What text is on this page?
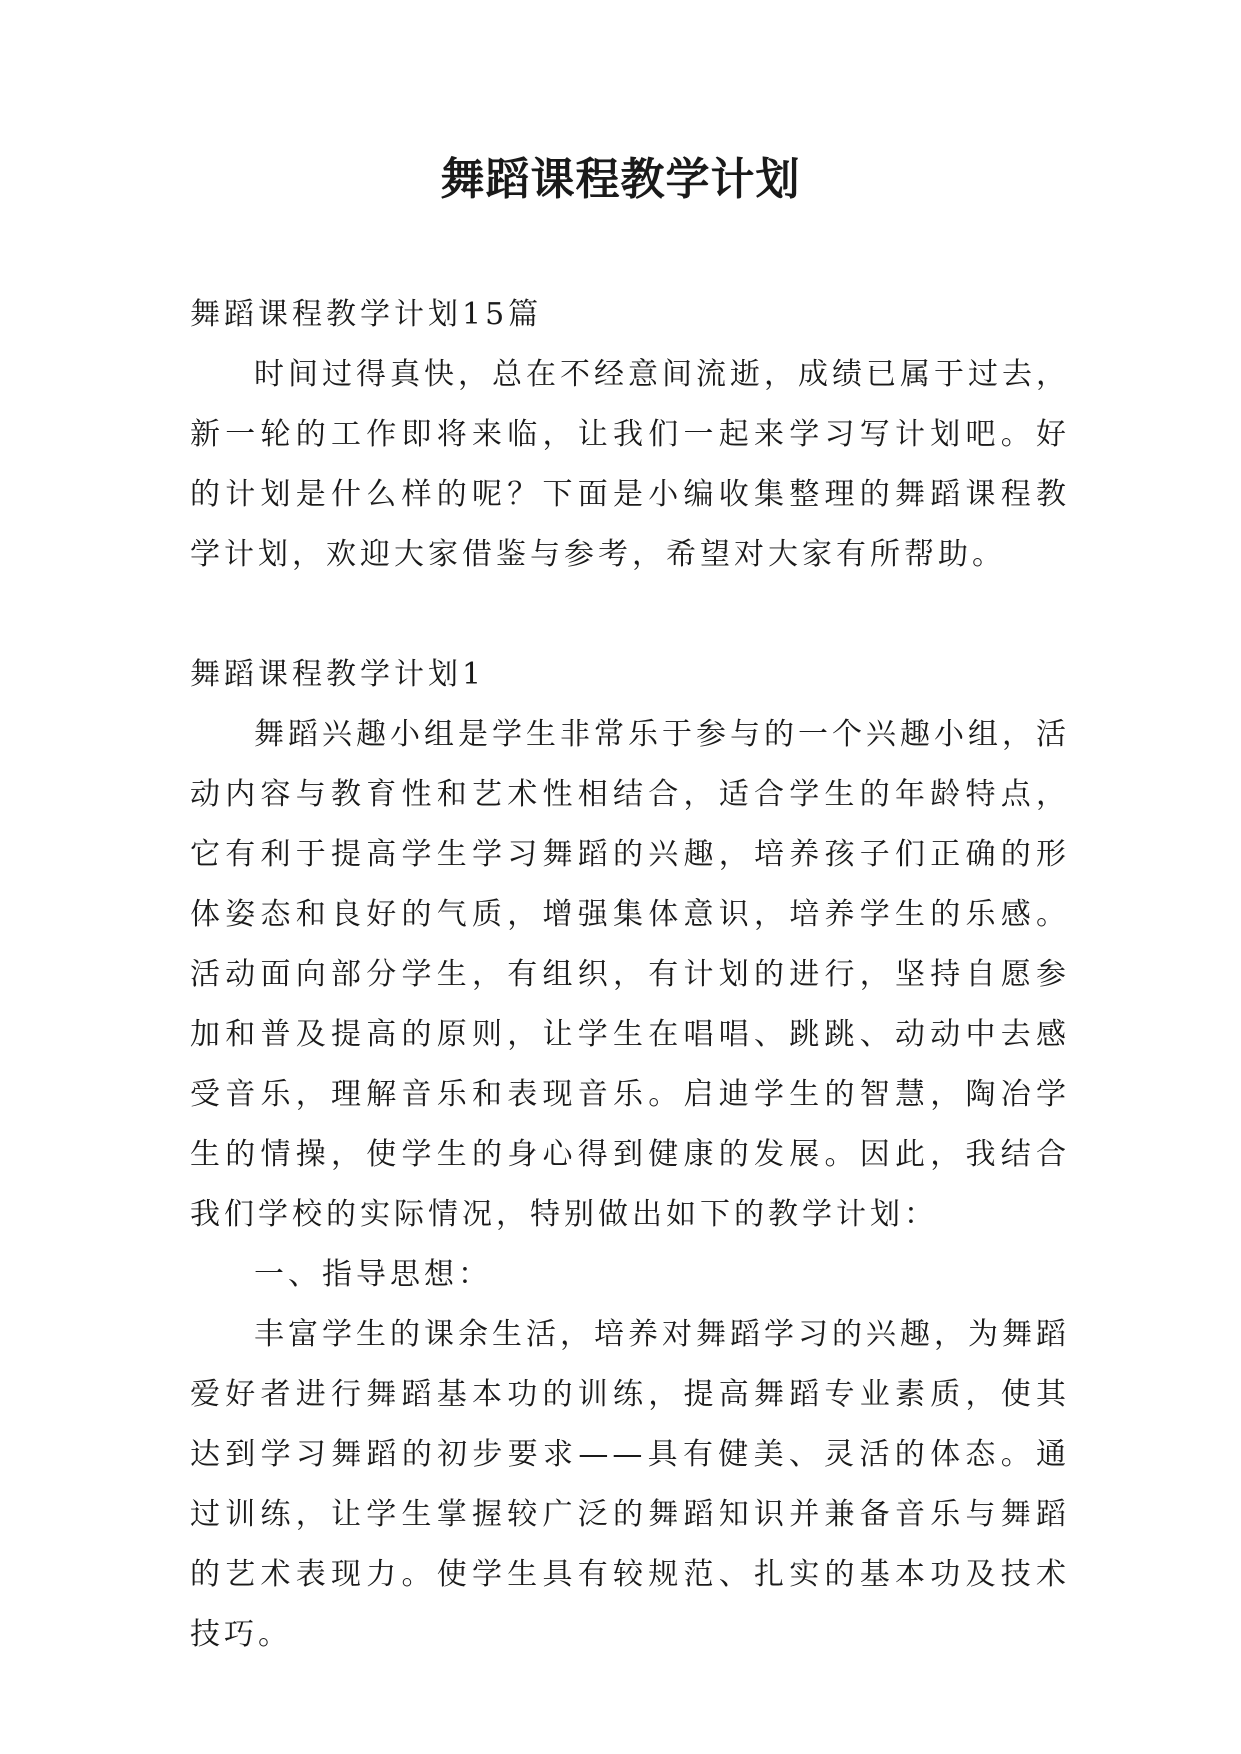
舞蹈课程教学计划

舞蹈课程教学计划15篇

时间过得真快，总在不经意间流逝，成绩已属于过去，新一轮的工作即将来临，让我们一起来学习写计划吧。好的计划是什么样的呢？下面是小编收集整理的舞蹈课程教学计划，欢迎大家借鉴与参考，希望对大家有所帮助。

舞蹈课程教学计划1

舞蹈兴趣小组是学生非常乐于参与的一个兴趣小组，活动内容与教育性和艺术性相结合，适合学生的年龄特点，它有利于提高学生学习舞蹈的兴趣，培养孩子们正确的形体姿态和良好的气质，增强集体意识，培养学生的乐感。活动面向部分学生，有组织，有计划的进行，坚持自愿参加和普及提高的原则，让学生在唱唱、跳跳、动动中去感受音乐，理解音乐和表现音乐。启迪学生的智慧，陶冶学生的情操，使学生的身心得到健康的发展。因此，我结合我们学校的实际情况，特别做出如下的教学计划：

一、指导思想：

丰富学生的课余生活，培养对舞蹈学习的兴趣，为舞蹈爱好者进行舞蹈基本功的训练，提高舞蹈专业素质，使其达到学习舞蹈的初步要求——具有健美、灵活的体态。通过训练，让学生掌握较广泛的舞蹈知识并兼备音乐与舞蹈的艺术表现力。使学生具有较规范、扎实的基本功及技术技巧。
